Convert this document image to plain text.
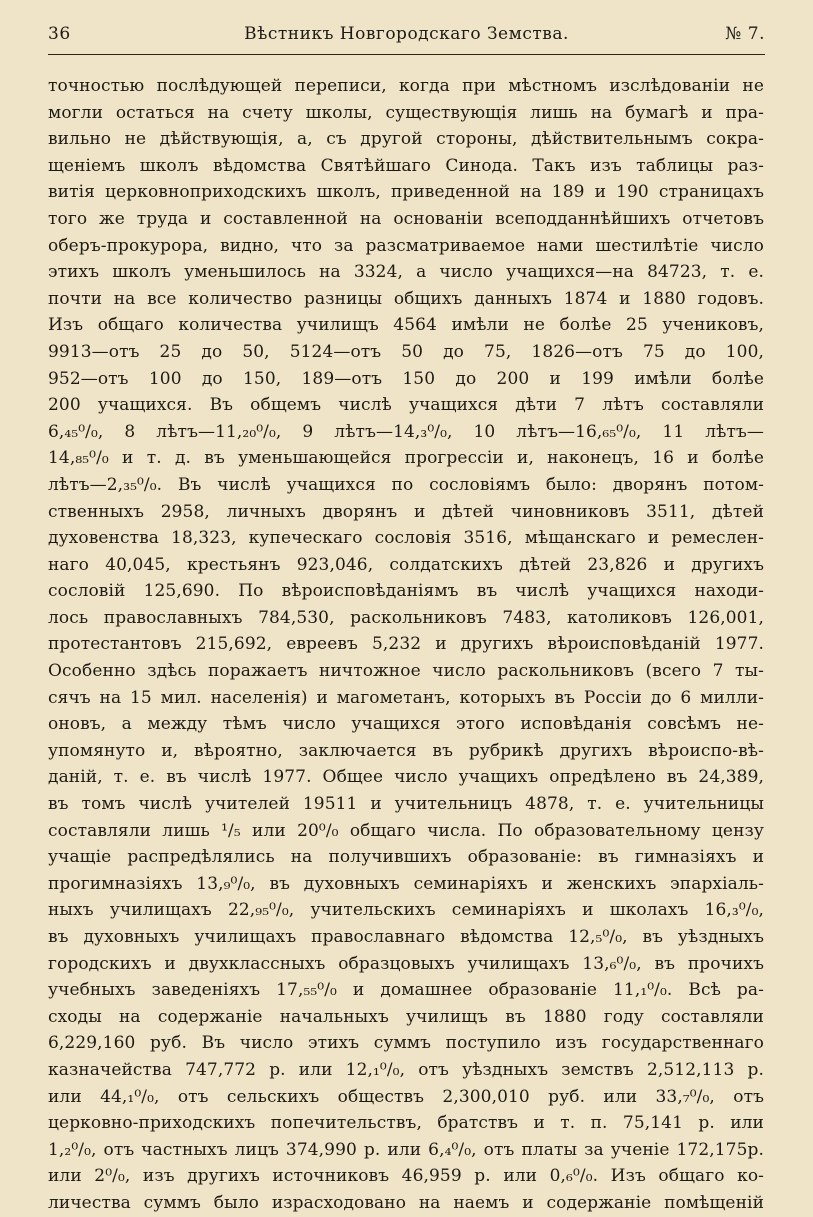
36	Вѣстникъ Новгородскаго Земства.	№ 7.
точностью послѣдующей переписи, когда при мѣстномъ изслѣдованіи не
могли остаться на счету школы, существующія лишь на бумагѣ и пра-
вильно не дѣйствующія, а, съ другой стороны, дѣйствительнымъ сокра-
щеніемъ школъ вѣдомства Святѣйшаго Синода. Такъ изъ таблицы раз-
витія церковноприходскихъ школъ, приведенной на 189 и 190 страницахъ
того же труда и составленной на основаніи всеподданнѣйшихъ отчетовъ
оберъ-прокурора, видно, что за разсматриваемое нами шестилѣтіе число
этихъ школъ уменьшилось на 3324, а число учащихся—на 84723, т. е.
почти на все количество разницы общихъ данныхъ 1874 и 1880 годовъ.
Изъ общаго количества училищъ 4564 имѣли не болѣе 25 учениковъ,
9913—отъ 25 до 50, 5124—отъ 50 до 75, 1826—отъ 75 до 100,
952—отъ 100 до 150, 189—отъ 150 до 200 и 199 имѣли болѣе
200 учащихся. Въ общемъ числѣ учащихся дѣти 7 лѣтъ составляли
6,₄₅⁰/₀, 8 лѣтъ—11,₂₀⁰/₀, 9 лѣтъ—14,₃⁰/₀, 10 лѣтъ—16,₆₅⁰/₀, 11 лѣтъ—
14,₈₅⁰/₀ и т. д. въ уменьшающейся прогрессіи и, наконецъ, 16 и болѣе
лѣтъ—2,₃₅⁰/₀. Въ числѣ учащихся по сословіямъ было: дворянъ потом-
ственныхъ 2958, личныхъ дворянъ и дѣтей чиновниковъ 3511, дѣтей
духовенства 18,323, купеческаго сословія 3516, мѣщанскаго и ремеслен-
наго 40,045, крестьянъ 923,046, солдатскихъ дѣтей 23,826 и другихъ
сословій 125,690. По вѣроисповѣданіямъ въ числѣ учащихся находи-
лось православныхъ 784,530, раскольниковъ 7483, католиковъ 126,001,
протестантовъ 215,692, евреевъ 5,232 и другихъ вѣроисповѣданій 1977.
Особенно здѣсь поражаетъ ничтожное число раскольниковъ (всего 7 ты-
сячъ на 15 мил. населенія) и магометанъ, которыхъ въ Россіи до 6 милли-
оновъ, а между тѣмъ число учащихся этого исповѣданія совсѣмъ не-
упомянуто и, вѣроятно, заключается въ рубрикѣ другихъ вѣроиспо-вѣ-
даній, т. е. въ числѣ 1977. Общее число учащихъ опредѣлено въ 24,389,
въ томъ числѣ учителей 19511 и учительницъ 4878, т. е. учительницы
составляли лишь ¹/₅ или 20⁰/₀ общаго числа. По образовательному цензу
учащіе распредѣлялись на получившихъ образованіе: въ гимназіяхъ и
прогимназіяхъ 13,₉⁰/₀, въ духовныхъ семинаріяхъ и женскихъ эпархіаль-
ныхъ училищахъ 22,₉₅⁰/₀, учительскихъ семинаріяхъ и школахъ 16,₃⁰/₀,
въ духовныхъ училищахъ православнаго вѣдомства 12,₅⁰/₀, въ уѣздныхъ
городскихъ и двухклассныхъ образцовыхъ училищахъ 13,₆⁰/₀, въ прочихъ
учебныхъ заведеніяхъ 17,₅₅⁰/₀ и домашнее образованіе 11,₁⁰/₀. Всѣ ра-
сходы на содержаніе начальныхъ училищъ въ 1880 году составляли
6,229,160 руб. Въ число этихъ суммъ поступило изъ государственнаго
казначейства 747,772 р. или 12,₁⁰/₀, отъ уѣздныхъ земствъ 2,512,113 р.
или 44,₁⁰/₀, отъ сельскихъ обществъ 2,300,010 руб. или 33,₇⁰/₀, отъ
церковно-приходскихъ попечительствъ, братствъ и т. п. 75,141 р. или
1,₂⁰/₀, отъ частныхъ лицъ 374,990 р. или 6,₄⁰/₀, отъ платы за ученіе 172,175р.
или 2⁰/₀, изъ другихъ источниковъ 46,959 р. или 0,₆⁰/₀. Изъ общаго ко-
личества суммъ было израсходовано на наемъ и содержаніе помѣщеній
